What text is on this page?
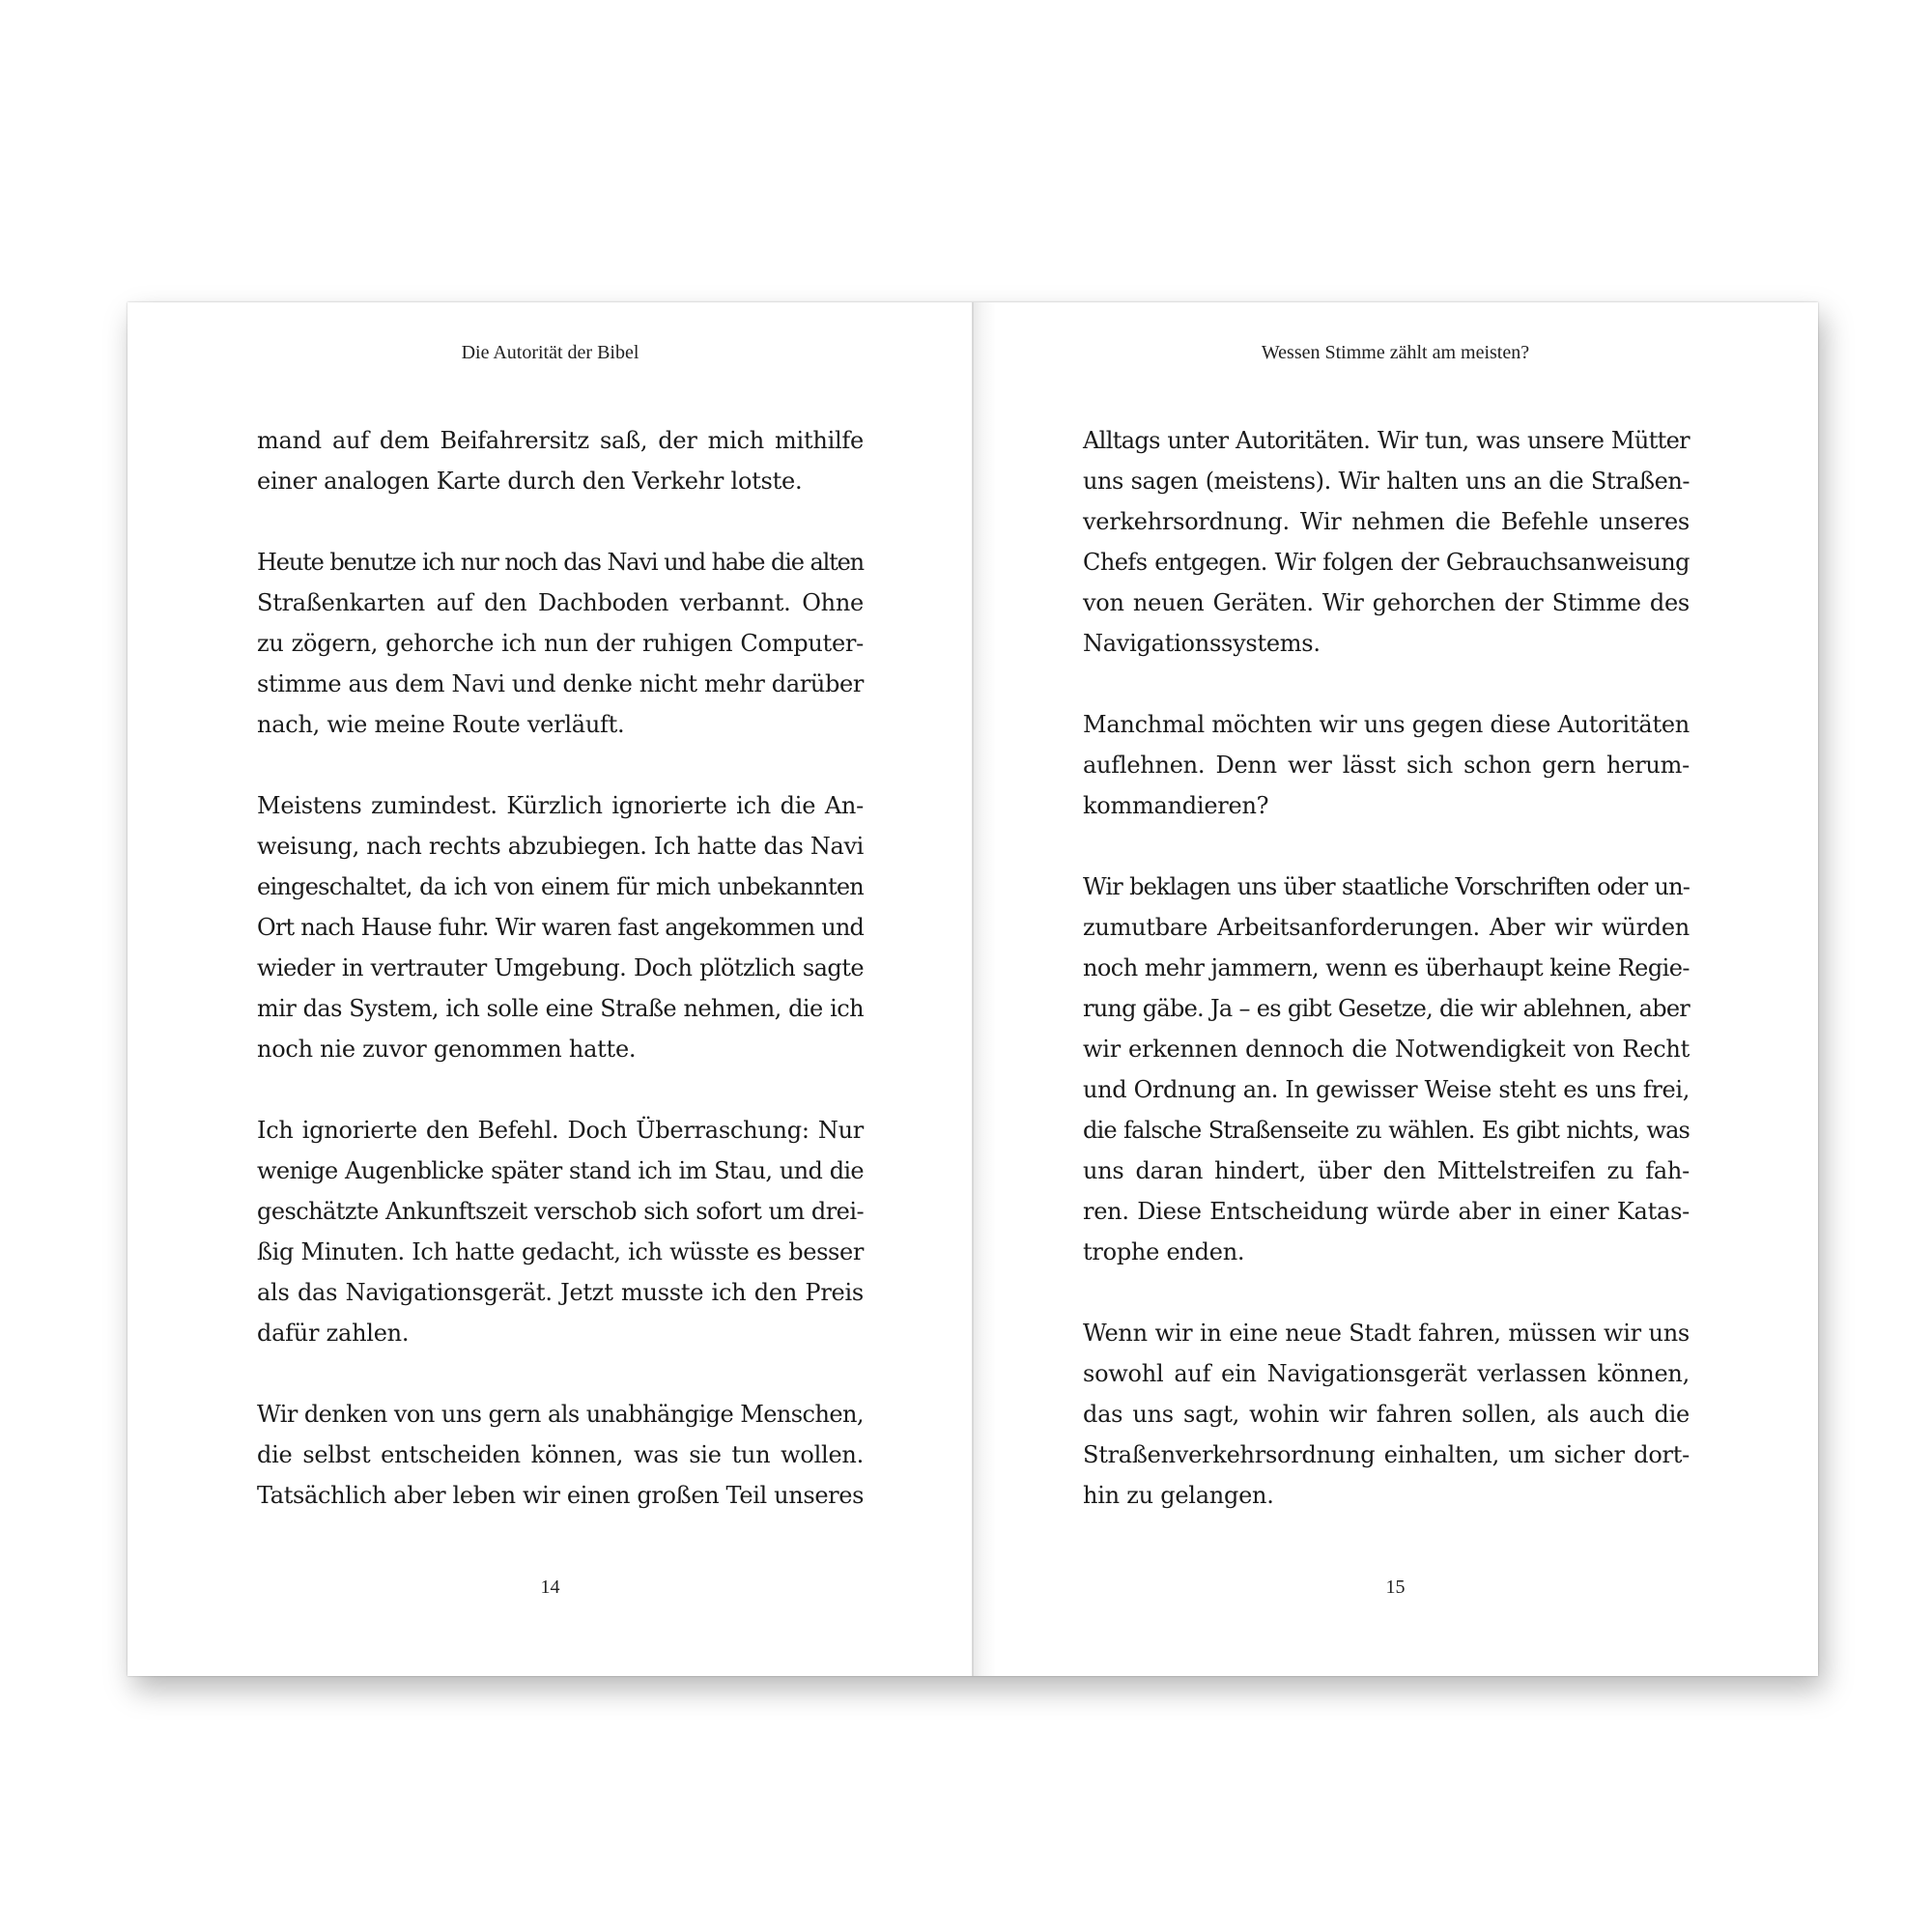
Die Autorität der Bibel
mand auf dem Beifahrersitz saß, der mich mithilfe
einer analogen Karte durch den Verkehr lotste.
Heute benutze ich nur noch das Navi und habe die alten
Straßenkarten auf den Dachboden verbannt. Ohne
zu zögern, gehorche ich nun der ruhigen Computer-
stimme aus dem Navi und denke nicht mehr darüber
nach, wie meine Route verläuft.
Meistens zumindest. Kürzlich ignorierte ich die An-
weisung, nach rechts abzubiegen. Ich hatte das Navi
eingeschaltet, da ich von einem für mich unbekannten
Ort nach Hause fuhr. Wir waren fast angekommen und
wieder in vertrauter Umgebung. Doch plötzlich sagte
mir das System, ich solle eine Straße nehmen, die ich
noch nie zuvor genommen hatte.
Ich ignorierte den Befehl. Doch Überraschung: Nur
wenige Augenblicke später stand ich im Stau, und die
geschätzte Ankunftszeit verschob sich sofort um drei-
ßig Minuten. Ich hatte gedacht, ich wüsste es besser
als das Navigationsgerät. Jetzt musste ich den Preis
dafür zahlen.
Wir denken von uns gern als unabhängige Menschen,
die selbst entscheiden können, was sie tun wollen.
Tatsächlich aber leben wir einen großen Teil unseres
14
Wessen Stimme zählt am meisten?
Alltags unter Autoritäten. Wir tun, was unsere Mütter
uns sagen (meistens). Wir halten uns an die Straßen-
verkehrsordnung. Wir nehmen die Befehle unseres
Chefs entgegen. Wir folgen der Gebrauchsanweisung
von neuen Geräten. Wir gehorchen der Stimme des
Navigationssystems.
Manchmal möchten wir uns gegen diese Autoritäten
auflehnen. Denn wer lässt sich schon gern herum-
kommandieren?
Wir beklagen uns über staatliche Vorschriften oder un-
zumutbare Arbeitsanforderungen. Aber wir würden
noch mehr jammern, wenn es überhaupt keine Regie-
rung gäbe. Ja – es gibt Gesetze, die wir ablehnen, aber
wir erkennen dennoch die Notwendigkeit von Recht
und Ordnung an. In gewisser Weise steht es uns frei,
die falsche Straßenseite zu wählen. Es gibt nichts, was
uns daran hindert, über den Mittelstreifen zu fah-
ren. Diese Entscheidung würde aber in einer Katas-
trophe enden.
Wenn wir in eine neue Stadt fahren, müssen wir uns
sowohl auf ein Navigationsgerät verlassen können,
das uns sagt, wohin wir fahren sollen, als auch die
Straßenverkehrsordnung einhalten, um sicher dort-
hin zu gelangen.
15
